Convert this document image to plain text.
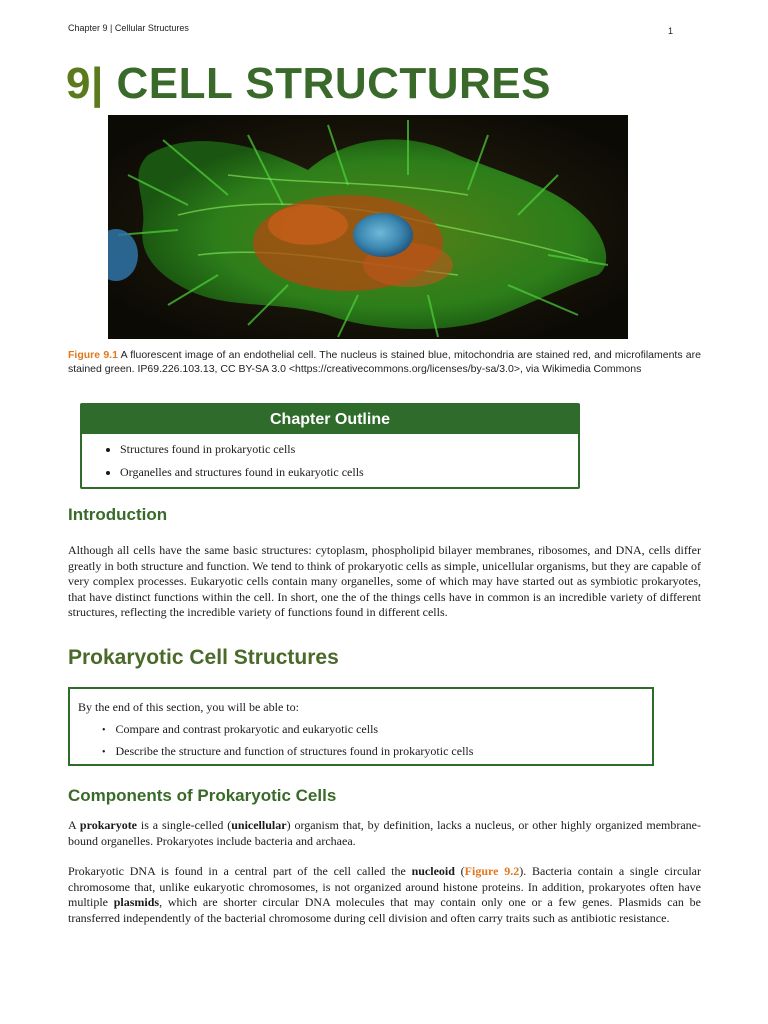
Chapter 9 | Cellular Structures	1
9| CELL STRUCTURES

Figure 9.1 A fluorescent image of an endothelial cell. The nucleus is stained blue, mitochondria are stained red, and microfilaments are stained green. IP69.226.103.13, CC BY-SA 3.0 <https://creativecommons.org/licenses/by-sa/3.0>, via Wikimedia Commons

Chapter Outline
• Structures found in prokaryotic cells
• Organelles and structures found in eukaryotic cells
Introduction

Although all cells have the same basic structures: cytoplasm, phospholipid bilayer membranes, ribosomes, and DNA, cells differ greatly in both structure and function. We tend to think of prokaryotic cells as simple, unicellular organisms, but they are capable of very complex processes. Eukaryotic cells contain many organelles, some of which may have started out as symbiotic prokaryotes, that have distinct functions within the cell. In short, one the of the things cells have in common is an incredible variety of different structures, reflecting the incredible variety of functions found in different cells.

Prokaryotic Cell Structures

By the end of this section, you will be able to:

• Compare and contrast prokaryotic and eukaryotic cells
• Describe the structure and function of structures found in prokaryotic cells
Components of Prokaryotic Cells

A prokaryote is a single-celled (unicellular) organism that, by definition, lacks a nucleus, or other highly organized membrane-bound organelles. Prokaryotes include bacteria and archaea.

Prokaryotic DNA is found in a central part of the cell called the nucleoid (Figure 9.2). Bacteria contain a single circular chromosome that, unlike eukaryotic chromosomes, is not organized around histone proteins. In addition, prokaryotes often have multiple plasmids, which are shorter circular DNA molecules that may contain only one or a few genes. Plasmids can be transferred independently of the bacterial chromosome during cell division and often carry traits such as antibiotic resistance.
